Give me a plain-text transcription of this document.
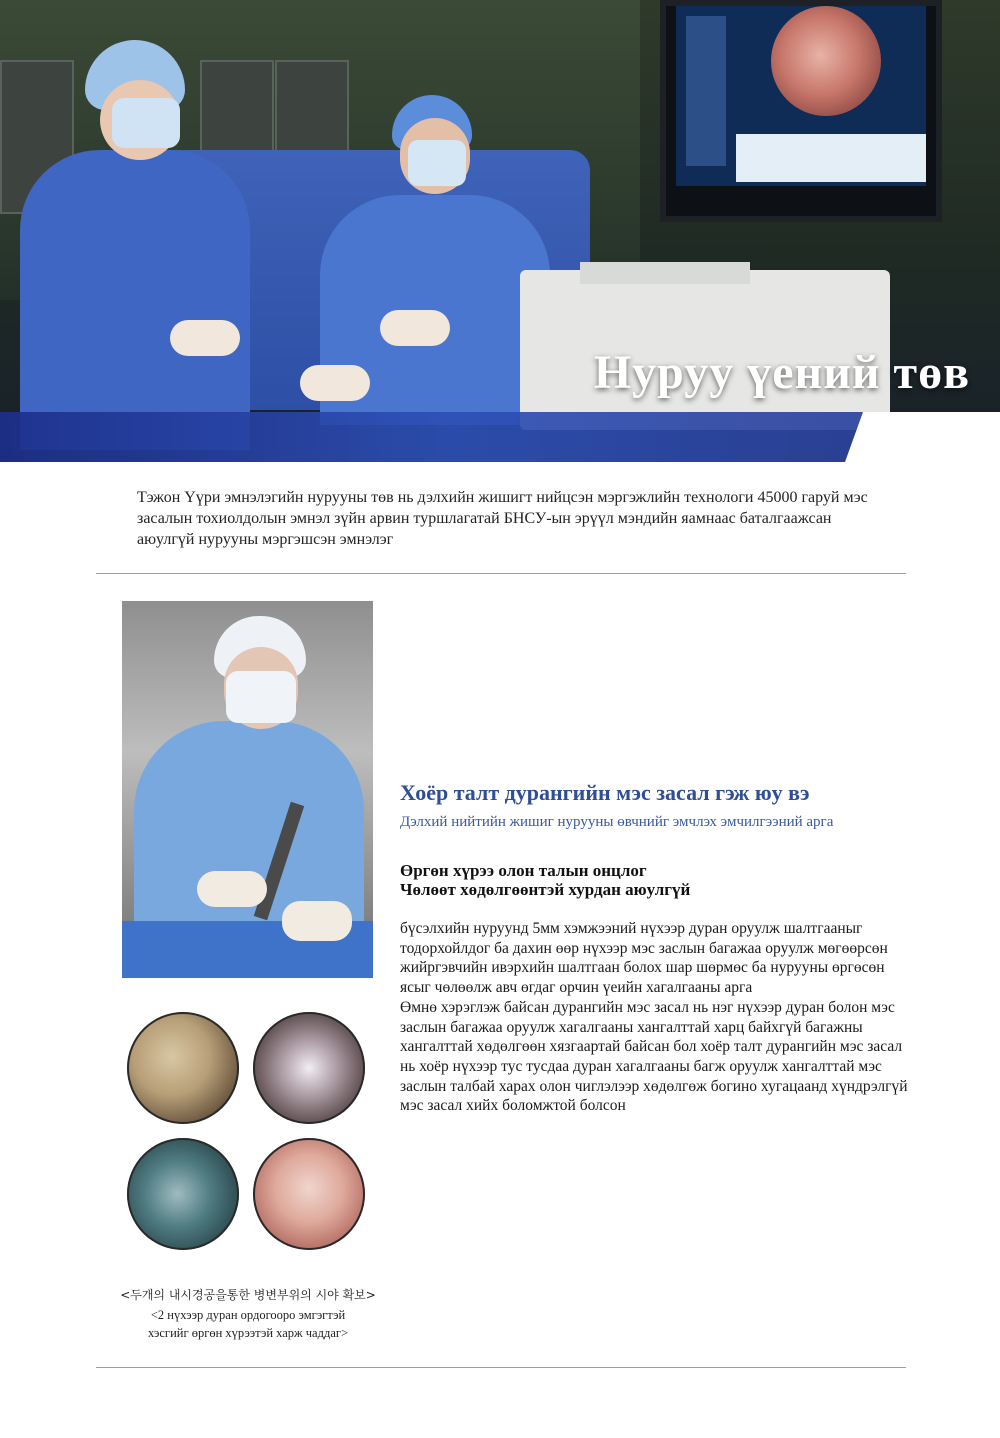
Нуруу үений төв
Тэжон Үүри эмнэлэгийн нурууны төв нь дэлхийн жишигт нийцсэн мэргэжлийн технологи 45000 гаруй мэс засалын тохиолдолын эмнэл зүйн арвин туршлагатай БНСУ-ын эрүүл мэндийн яамнаас баталгаажсан аюулгүй нурууны мэргэшсэн эмнэлэг
<두개의 내시경공을통한 병변부위의 시야 확보>
<2 нүхээр дуран ордогооро эмгэгтэй
хэсгийг өргөн хүрээтэй харж чаддаг>
Хоёр талт дурангийн мэс засал гэж юу вэ
Дэлхий нийтийн жишиг нурууны өвчнийг эмчлэх эмчилгээний арга
Өргөн хүрээ олон талын онцлог
Чөлөөт хөдөлгөөнтэй хурдан аюулгүй
бүсэлхийн нуруунд 5мм хэмжээний нүхээр дуран оруулж шалтгааныг тодорхойлдог ба дахин өөр нүхээр мэс заслын багажаа оруулж мөгөөрсөн жийргэвчийн ивэрхийн шалтгаан болох шар шөрмөс ба нурууны өргөсөн ясыг чөлөөлж авч өгдаг орчин үеийн хагалгааны арга
Өмнө хэрэглэж байсан дурангийн мэс засал нь нэг нүхээр дуран болон мэс заслын багажаа оруулж хагалгааны хангалттай харц байхгүй багажны хангалттай хөдөлгөөн хязгаартай байсан бол хоёр талт дурангийн мэс засал нь хоёр нүхээр тус тусдаа дуран хагалгааны багж оруулж хангалттай мэс заслын талбай харах олон чиглэлээр хөдөлгөж богино хугацаанд хүндрэлгүй мэс засал хийх боломжтой болсон
